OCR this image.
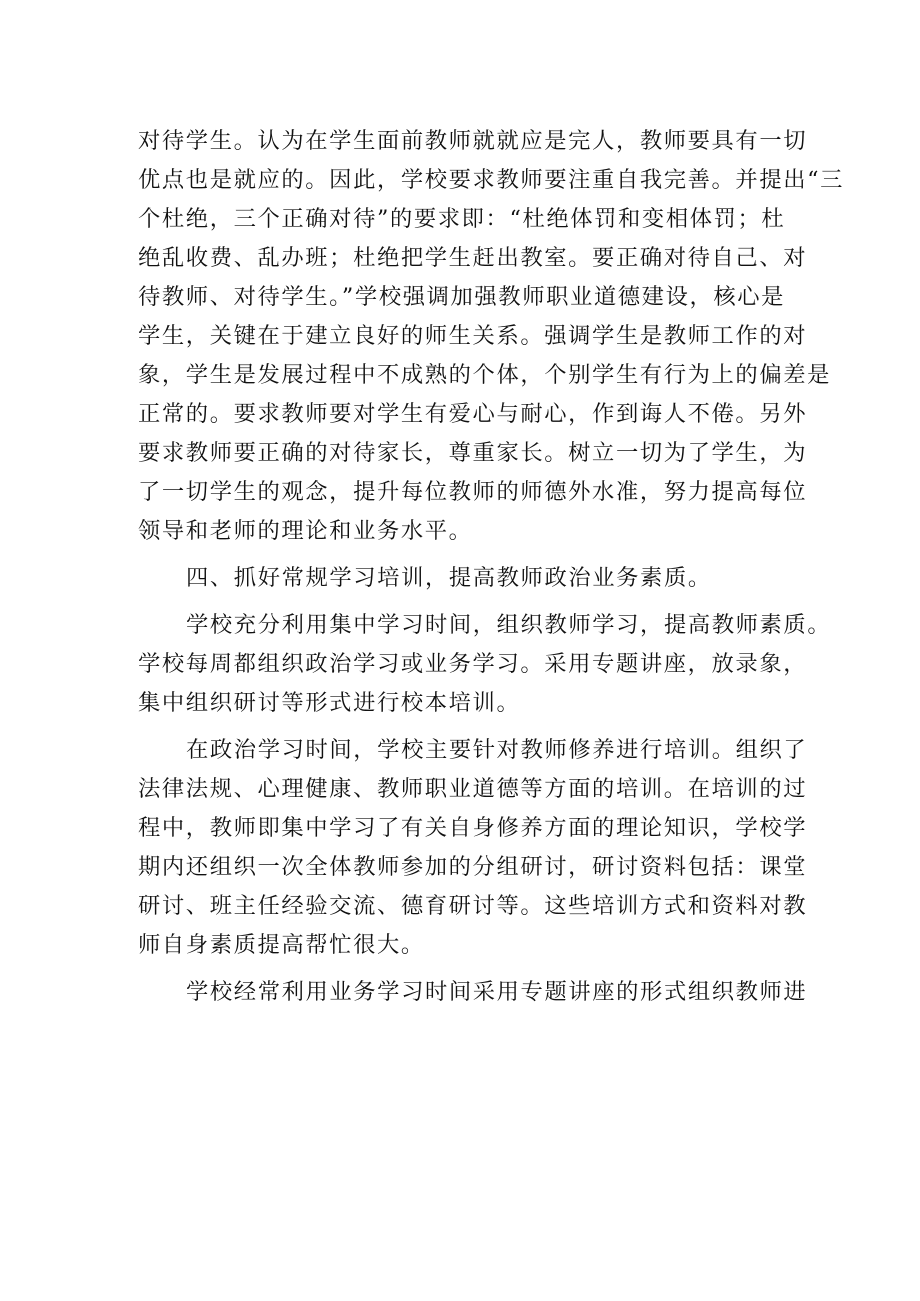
对待学生。认为在学生面前教师就就应是完人，教师要具有一切
优点也是就应的。因此，学校要求教师要注重自我完善。并提出“三
个杜绝，三个正确对待”的要求即：“杜绝体罚和变相体罚；杜
绝乱收费、乱办班；杜绝把学生赶出教室。要正确对待自己、对
待教师、对待学生。”学校强调加强教师职业道德建设，核心是
学生，关键在于建立良好的师生关系。强调学生是教师工作的对
象，学生是发展过程中不成熟的个体，个别学生有行为上的偏差是
正常的。要求教师要对学生有爱心与耐心，作到诲人不倦。另外
要求教师要正确的对待家长，尊重家长。树立一切为了学生，为
了一切学生的观念，提升每位教师的师德外水准，努力提高每位
领导和老师的理论和业务水平。
四、抓好常规学习培训，提高教师政治业务素质。
学校充分利用集中学习时间，组织教师学习，提高教师素质。
学校每周都组织政治学习或业务学习。采用专题讲座，放录象，
集中组织研讨等形式进行校本培训。
在政治学习时间，学校主要针对教师修养进行培训。组织了
法律法规、心理健康、教师职业道德等方面的培训。在培训的过
程中，教师即集中学习了有关自身修养方面的理论知识，学校学
期内还组织一次全体教师参加的分组研讨，研讨资料包括：课堂
研讨、班主任经验交流、德育研讨等。这些培训方式和资料对教
师自身素质提高帮忙很大。
学校经常利用业务学习时间采用专题讲座的形式组织教师进
